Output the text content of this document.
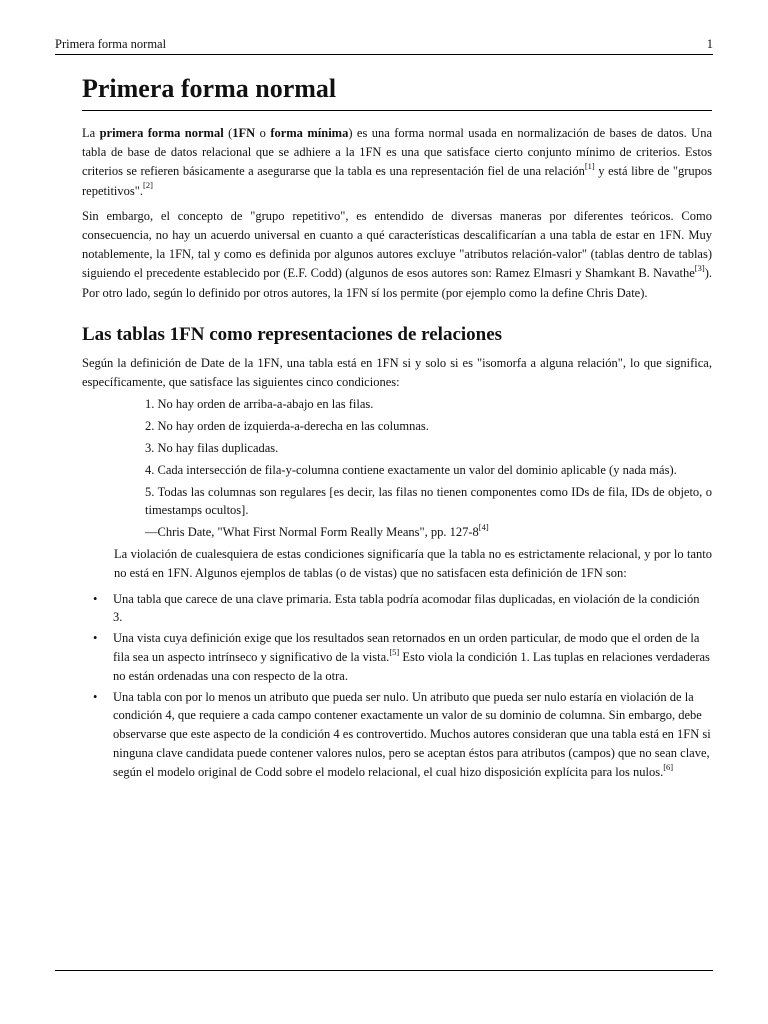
Primera forma normal	1
Primera forma normal

La primera forma normal (1FN o forma mínima) es una forma normal usada en normalización de bases de datos. Una tabla de base de datos relacional que se adhiere a la 1FN es una que satisface cierto conjunto mínimo de criterios. Estos criterios se refieren básicamente a asegurarse que la tabla es una representación fiel de una relación[1] y está libre de "grupos repetitivos".[2]

Sin embargo, el concepto de "grupo repetitivo", es entendido de diversas maneras por diferentes teóricos. Como consecuencia, no hay un acuerdo universal en cuanto a qué características descalificarían a una tabla de estar en 1FN. Muy notablemente, la 1FN, tal y como es definida por algunos autores excluye "atributos relación-valor" (tablas dentro de tablas) siguiendo el precedente establecido por (E.F. Codd) (algunos de esos autores son: Ramez Elmasri y Shamkant B. Navathe[3]). Por otro lado, según lo definido por otros autores, la 1FN sí los permite (por ejemplo como la define Chris Date).

Las tablas 1FN como representaciones de relaciones

Según la definición de Date de la 1FN, una tabla está en 1FN si y solo si es "isomorfa a alguna relación", lo que significa, específicamente, que satisface las siguientes cinco condiciones:

1. No hay orden de arriba-a-abajo en las filas.
2. No hay orden de izquierda-a-derecha en las columnas.
3. No hay filas duplicadas.
4. Cada intersección de fila-y-columna contiene exactamente un valor del dominio aplicable (y nada más).
5. Todas las columnas son regulares [es decir, las filas no tienen componentes como IDs de fila, IDs de objeto, o timestamps ocultos].
—Chris Date, "What First Normal Form Really Means", pp. 127-8[4]

La violación de cualesquiera de estas condiciones significaría que la tabla no es estrictamente relacional, y por lo tanto no está en 1FN. Algunos ejemplos de tablas (o de vistas) que no satisfacen esta definición de 1FN son:

• Una tabla que carece de una clave primaria. Esta tabla podría acomodar filas duplicadas, en violación de la condición 3.
• Una vista cuya definición exige que los resultados sean retornados en un orden particular, de modo que el orden de la fila sea un aspecto intrínseco y significativo de la vista.[5] Esto viola la condición 1. Las tuplas en relaciones verdaderas no están ordenadas una con respecto de la otra.
• Una tabla con por lo menos un atributo que pueda ser nulo. Un atributo que pueda ser nulo estaría en violación de la condición 4, que requiere a cada campo contener exactamente un valor de su dominio de columna. Sin embargo, debe observarse que este aspecto de la condición 4 es controvertido. Muchos autores consideran que una tabla está en 1FN si ninguna clave candidata puede contener valores nulos, pero se aceptan éstos para atributos (campos) que no sean clave, según el modelo original de Codd sobre el modelo relacional, el cual hizo disposición explícita para los nulos.[6]
